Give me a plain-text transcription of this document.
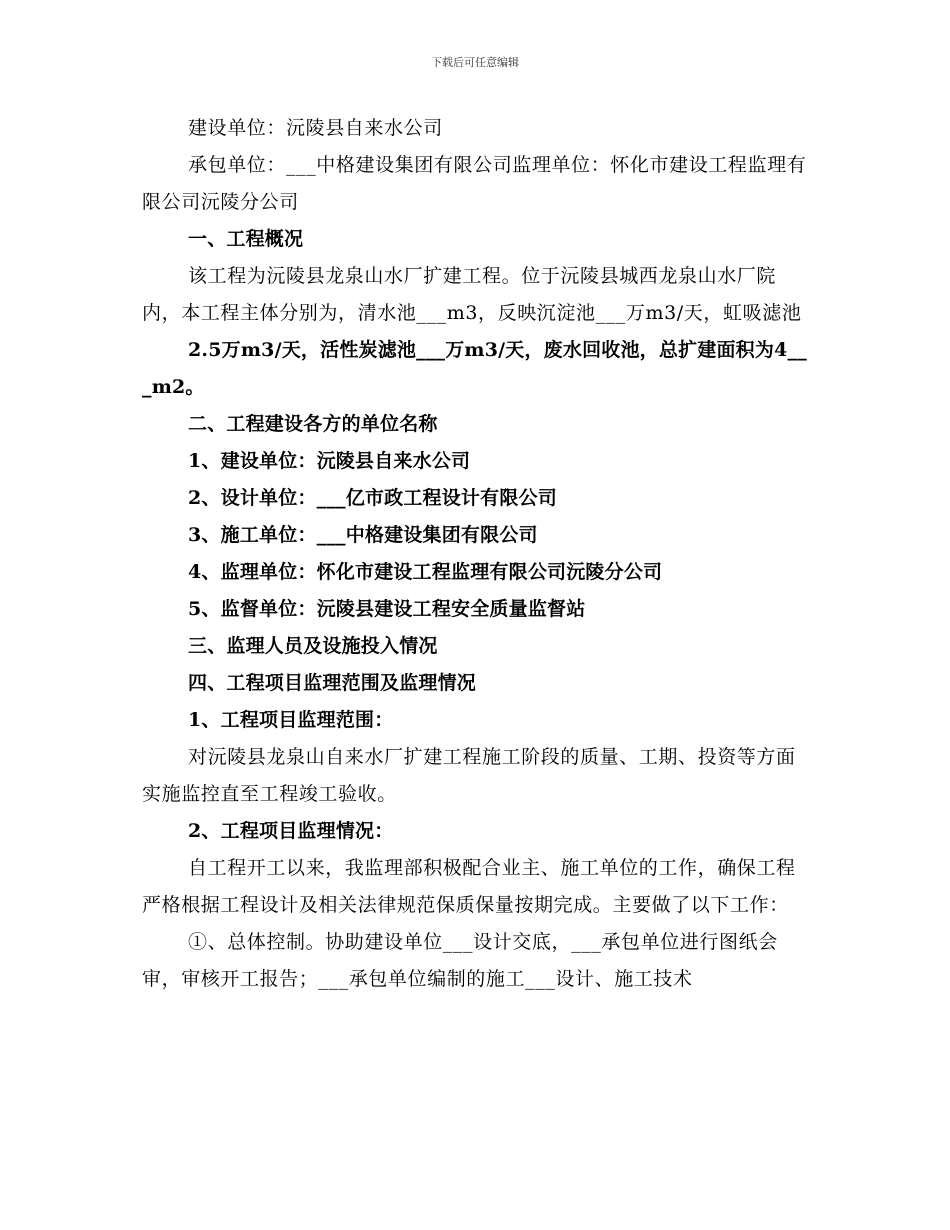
下载后可任意编辑

建设单位：沅陵县自来水公司

承包单位：___中格建设集团有限公司监理单位：怀化市建设工程监理有限公司沅陵分公司

一、工程概况

该工程为沅陵县龙泉山水厂扩建工程。位于沅陵县城西龙泉山水厂院内，本工程主体分别为，清水池___m3，反映沉淀池___万m3/天，虹吸滤池

2.5万m3/天，活性炭滤池___万m3/天，废水回收池，总扩建面积为4___m2。

二、工程建设各方的单位名称

1、建设单位：沅陵县自来水公司

2、设计单位：___亿市政工程设计有限公司

3、施工单位：___中格建设集团有限公司

4、监理单位：怀化市建设工程监理有限公司沅陵分公司

5、监督单位：沅陵县建设工程安全质量监督站

三、监理人员及设施投入情况

四、工程项目监理范围及监理情况

1、工程项目监理范围：

对沅陵县龙泉山自来水厂扩建工程施工阶段的质量、工期、投资等方面实施监控直至工程竣工验收。

2、工程项目监理情况：

自工程开工以来，我监理部积极配合业主、施工单位的工作，确保工程严格根据工程设计及相关法律规范保质保量按期完成。主要做了以下工作：

①、总体控制。协助建设单位___设计交底，___承包单位进行图纸会审，审核开工报告；___承包单位编制的施工___设计、施工技术
